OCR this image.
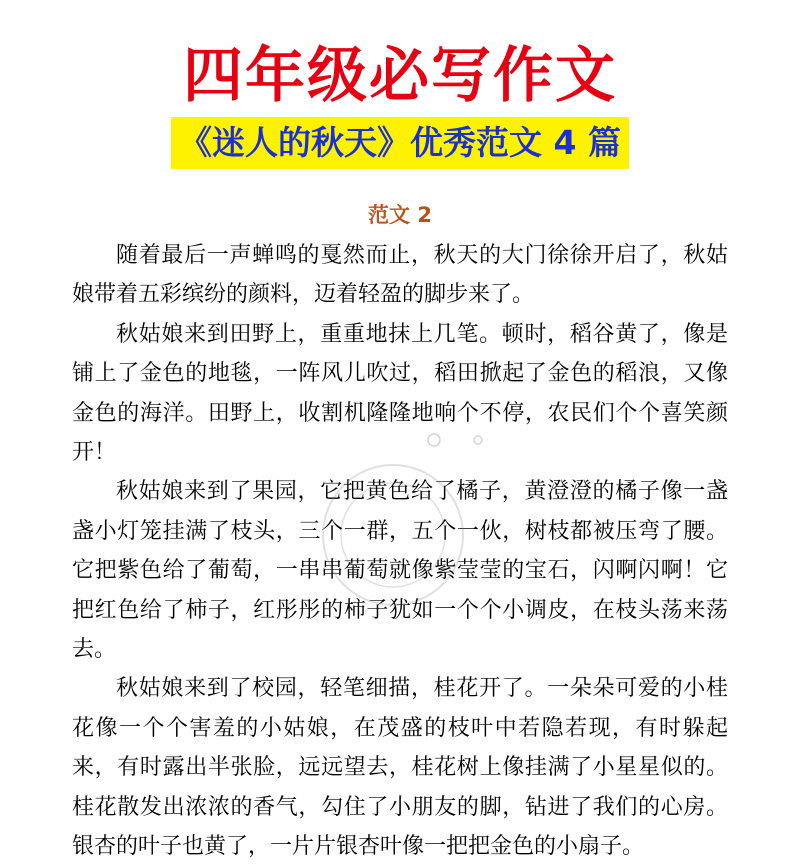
四年级必写作文
《迷人的秋天》优秀范文 4 篇
范文 2

随着最后一声蝉鸣的戛然而止，秋天的大门徐徐开启了，秋姑娘带着五彩缤纷的颜料，迈着轻盈的脚步来了。

秋姑娘来到田野上，重重地抹上几笔。顿时，稻谷黄了，像是铺上了金色的地毯，一阵风儿吹过，稻田掀起了金色的稻浪，又像金色的海洋。田野上，收割机隆隆地响个不停，农民们个个喜笑颜开！

秋姑娘来到了果园，它把黄色给了橘子，黄澄澄的橘子像一盏盏小灯笼挂满了枝头，三个一群，五个一伙，树枝都被压弯了腰。它把紫色给了葡萄，一串串葡萄就像紫莹莹的宝石，闪啊闪啊！它把红色给了柿子，红彤彤的柿子犹如一个个小调皮，在枝头荡来荡去。

秋姑娘来到了校园，轻笔细描，桂花开了。一朵朵可爱的小桂花像一个个害羞的小姑娘，在茂盛的枝叶中若隐若现，有时躲起来，有时露出半张脸，远远望去，桂花树上像挂满了小星星似的。桂花散发出浓浓的香气，勾住了小朋友的脚，钻进了我们的心房。银杏的叶子也黄了，一片片银杏叶像一把把金色的小扇子。
